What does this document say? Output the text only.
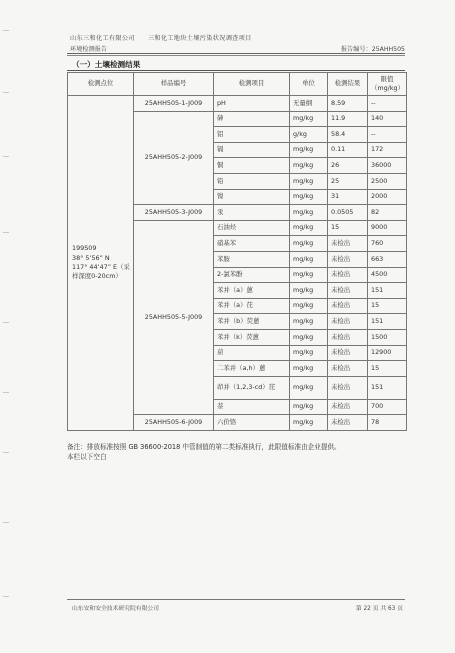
山东三和化工有限公司　　三和化工地块土壤污染状况调查项目
环境检测报告	报告编号：25AHH505
（一）土壤检测结果
检测点位	样品编号	检测项目	单位	检测结果	限值
（mg/kg）

199S09
38° 5’56” N
117° 44’47” E（采样深度0-20cm）	25AHH505-1-J009	pH	无量纲	8.59	--
	25AHH505-2-J009	砷	mg/kg	11.9	140
		铝	g/kg	58.4	--
		镉	mg/kg	0.11	172
		铜	mg/kg	26	36000
		铅	mg/kg	25	2500
		镍	mg/kg	31	2000
	25AHH505-3-J009	汞	mg/kg	0.0505	82
	25AHH505-5-J009	石油烃	mg/kg	15	9000
		硝基苯	mg/kg	未检出	760
		苯胺	mg/kg	未检出	663
		2-氯苯酚	mg/kg	未检出	4500
		苯并（a）蒽	mg/kg	未检出	151
		苯并（a）芘	mg/kg	未检出	15
		苯并（b）荧蒽	mg/kg	未检出	151
		苯并（k）荧蒽	mg/kg	未检出	1500
		䓛	mg/kg	未检出	12900
		二苯并（a,h）蒽	mg/kg	未检出	15
		茚并（1,2,3-cd）芘	mg/kg	未检出	151
		萘	mg/kg	未检出	700
	25AHH505-6-J009	六价铬	mg/kg	未检出	78
备注：排放标准按照 GB 36600-2018 中管制值的第二类标准执行，此限值标准由企业提供。
本栏以下空白
山东安和安全技术研究院有限公司	第 22 页 共 63 页
